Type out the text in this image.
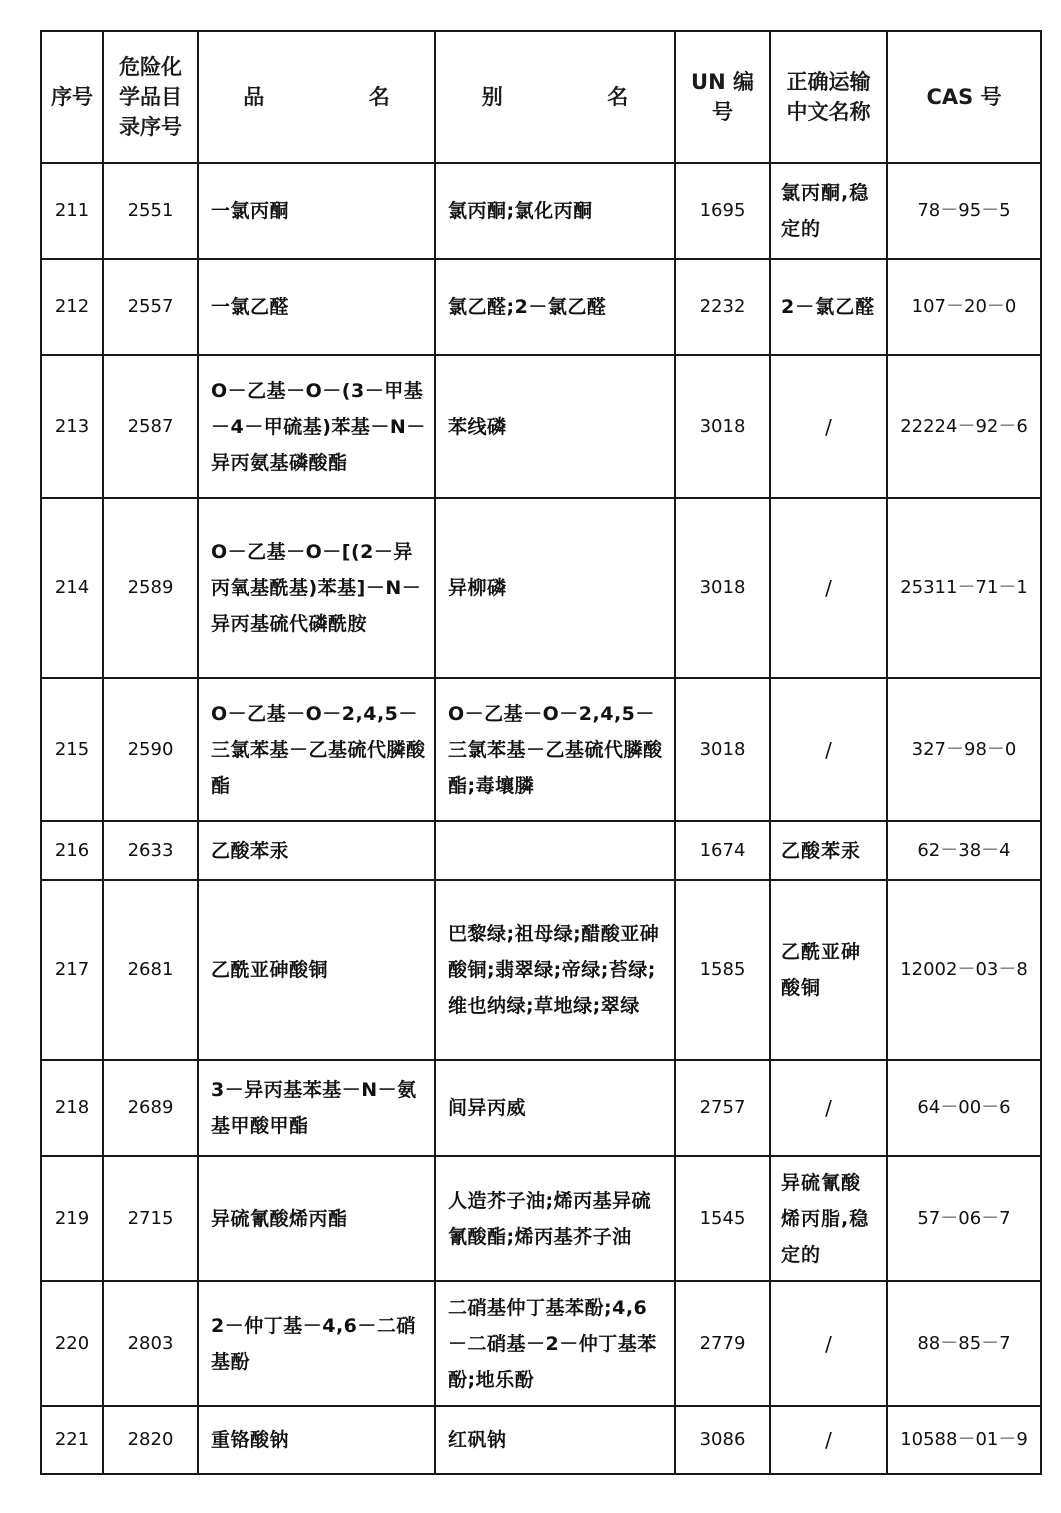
序号	危险化 学品目 录序号	品  名	别  名	UN 编号	正确运输 中文名称	CAS 号
211	2551	一氯丙酮	氯丙酮;氯化丙酮	1695	氯丙酮,稳定的	78－95－5
212	2557	一氯乙醛	氯乙醛;2－氯乙醛	2232	2－氯乙醛	107－20－0
213	2587	O－乙基－O－(3－甲基－4－甲硫基)苯基－N－异丙氨基磷酸酯	苯线磷	3018	/	22224－92－6
214	2589	O－乙基－O－[(2－异丙氧基酰基)苯基]－N－异丙基硫代磷酰胺	异柳磷	3018	/	25311－71－1
215	2590	O－乙基－O－2,4,5－三氯苯基－乙基硫代膦酸酯	O－乙基－O－2,4,5－三氯苯基－乙基硫代膦酸酯;毒壤膦	3018	/	327－98－0
216	2633	乙酸苯汞		1674	乙酸苯汞	62－38－4
217	2681	乙酰亚砷酸铜	巴黎绿;祖母绿;醋酸亚砷酸铜;翡翠绿;帝绿;苔绿;维也纳绿;草地绿;翠绿	1585	乙酰亚砷酸铜	12002－03－8
218	2689	3－异丙基苯基－N－氨基甲酸甲酯	间异丙威	2757	/	64－00－6
219	2715	异硫氰酸烯丙酯	人造芥子油;烯丙基异硫氰酸酯;烯丙基芥子油	1545	异硫氰酸烯丙脂,稳定的	57－06－7
220	2803	2－仲丁基－4,6－二硝基酚	二硝基仲丁基苯酚;4,6－二硝基－2－仲丁基苯酚;地乐酚	2779	/	88－85－7
221	2820	重铬酸钠	红矾钠	3086	/	10588－01－9
